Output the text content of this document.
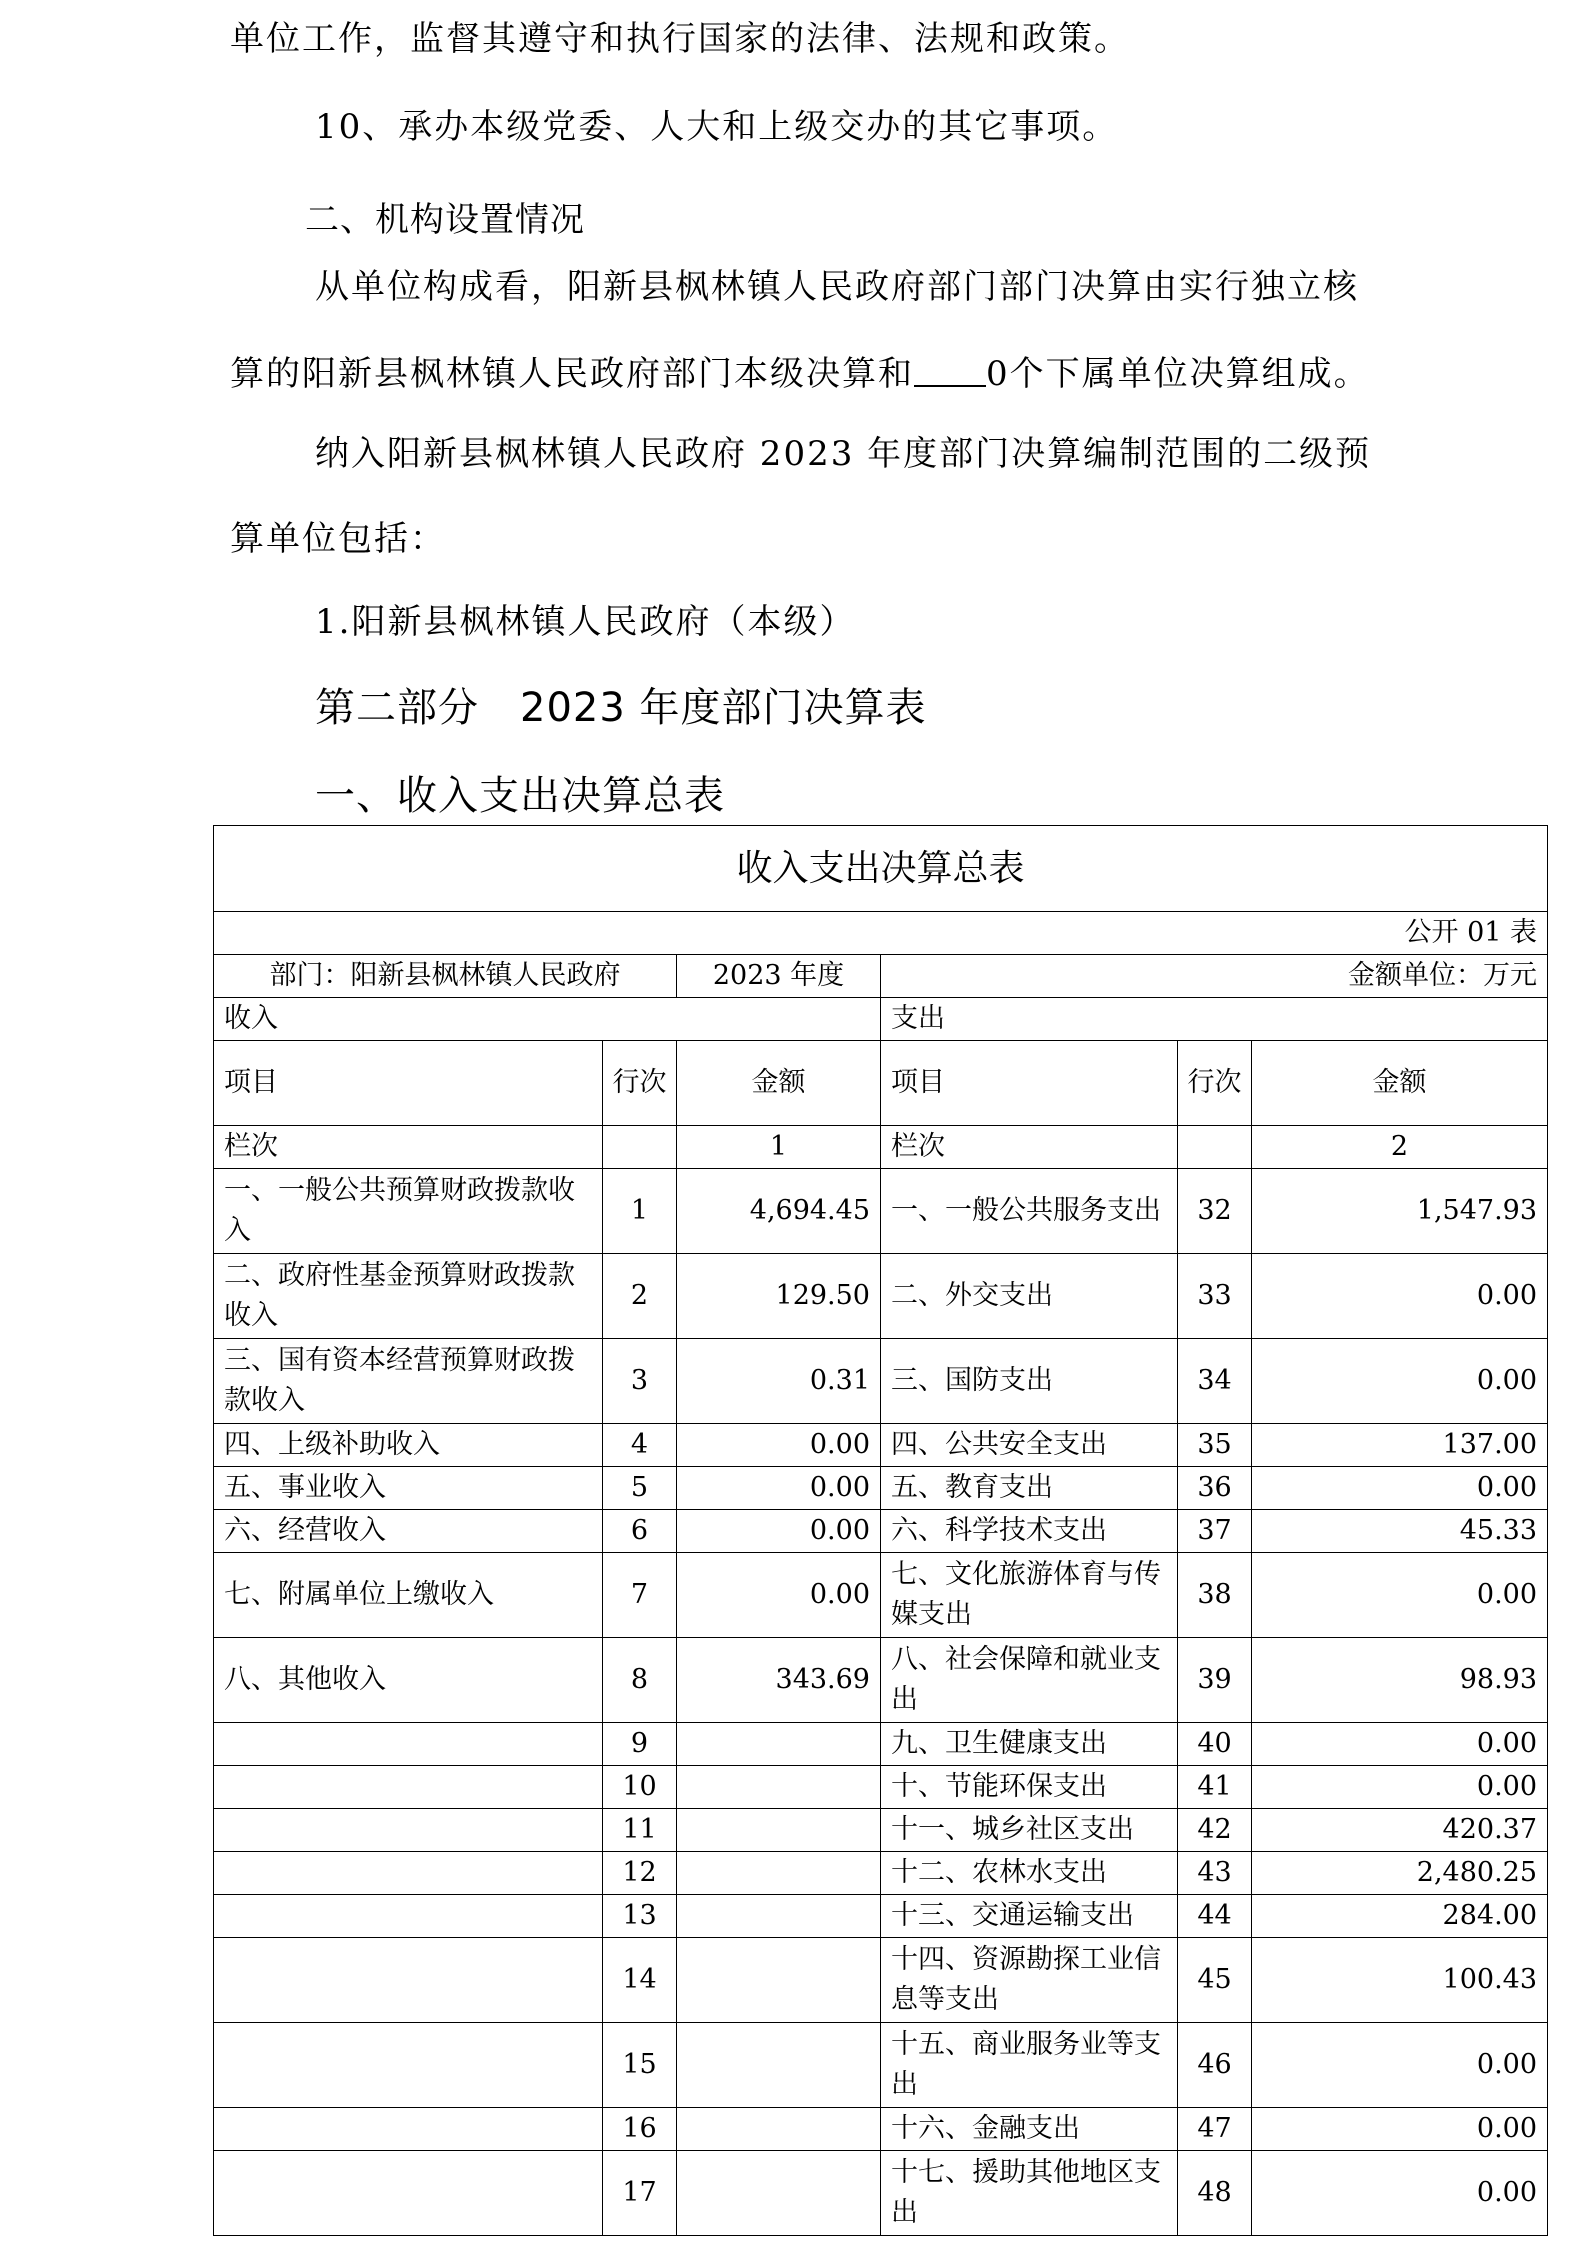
单位工作，监督其遵守和执行国家的法律、法规和政策。

10、承办本级党委、人大和上级交办的其它事项。

二、机构设置情况

从单位构成看，阳新县枫林镇人民政府部门部门决算由实行独立核

算的阳新县枫林镇人民政府部门本级决算和 0个下属单位决算组成。

纳入阳新县枫林镇人民政府 2023 年度部门决算编制范围的二级预

算单位包括：

1.阳新县枫林镇人民政府（本级）

第二部分　2023 年度部门决算表

一、收入支出决算总表

收入支出决算总表					
公开 01 表					
部门：阳新县枫林镇人民政府		2023 年度	金额单位：万元		
收入			支出		
项目	行次	金额	项目	行次	金额
栏次		1	栏次		2
一、一般公共预算财政拨款收入	1	4,694.45	一、一般公共服务支出	32	1,547.93
二、政府性基金预算财政拨款收入	2	129.50	二、外交支出	33	0.00
三、国有资本经营预算财政拨款收入	3	0.31	三、国防支出	34	0.00
四、上级补助收入	4	0.00	四、公共安全支出	35	137.00
五、事业收入	5	0.00	五、教育支出	36	0.00
六、经营收入	6	0.00	六、科学技术支出	37	45.33
七、附属单位上缴收入	7	0.00	七、文化旅游体育与传媒支出	38	0.00
八、其他收入	8	343.69	八、社会保障和就业支出	39	98.93
	9		九、卫生健康支出	40	0.00
	10		十、节能环保支出	41	0.00
	11		十一、城乡社区支出	42	420.37
	12		十二、农林水支出	43	2,480.25
	13		十三、交通运输支出	44	284.00
	14		十四、资源勘探工业信息等支出	45	100.43
	15		十五、商业服务业等支出	46	0.00
	16		十六、金融支出	47	0.00
	17		十七、援助其他地区支出	48	0.00
